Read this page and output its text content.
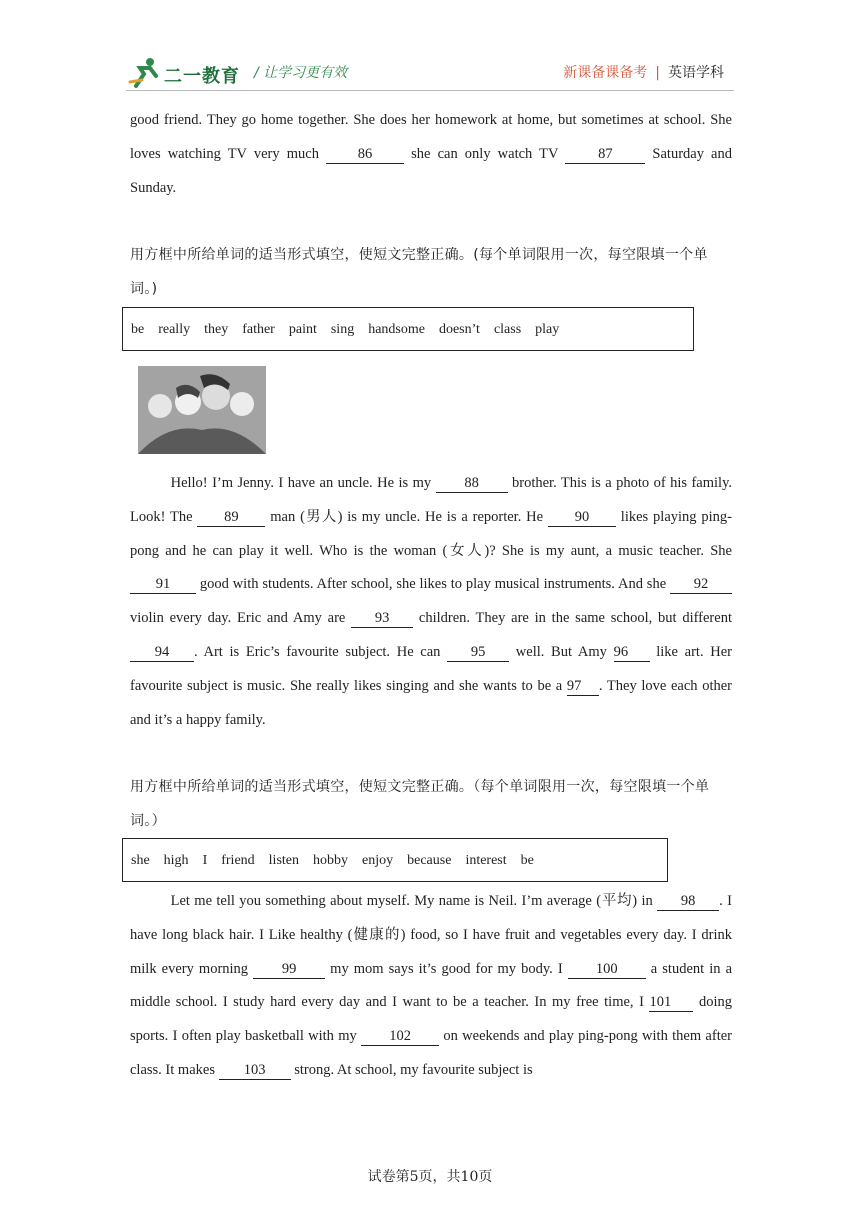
二一教育 / 让学习更有效	新课备课备考 | 英语学科

good friend. They go home together. She does her homework at home, but sometimes at school. She loves watching TV very much 86 she can only watch TV 87 Saturday and Sunday.

用方框中所给单词的适当形式填空，使短文完整正确。(每个单词限用一次，每空限填一个单词。)

be really they father paint sing handsome doesn’t class play

Hello! I’m Jenny. I have an uncle. He is my 88 brother. This is a photo of his family. Look! The 89 man (男人) is my uncle. He is a reporter. He 90 likes playing ping-pong and he can play it well. Who is the woman (女人)? She is my aunt, a music teacher. She 91 good with students. After school, she likes to play musical instruments. And she 92 violin every day. Eric and Amy are 93 children. They are in the same school, but different 94 . Art is Eric’s favourite subject. He can 95 well. But Amy 96 like art. Her favourite subject is music. She really likes singing and she wants to be a 97 . They love each other and it’s a happy family.

用方框中所给单词的适当形式填空，使短文完整正确。（每个单词限用一次，每空限填一个单词。）

she high I friend listen hobby enjoy because interest be

Let me tell you something about myself. My name is Neil. I’m average (平均) in 98 . I have long black hair. I Like healthy (健康的) food, so I have fruit and vegetables every day. I drink milk every morning 99 my mom says it’s good for my body. I 100 a student in a middle school. I study hard every day and I want to be a teacher. In my free time, I 101 doing sports. I often play basketball with my 102 on weekends and play ping-pong with them after class. It makes 103 strong. At school, my favourite subject is

试卷第5页，共10页
